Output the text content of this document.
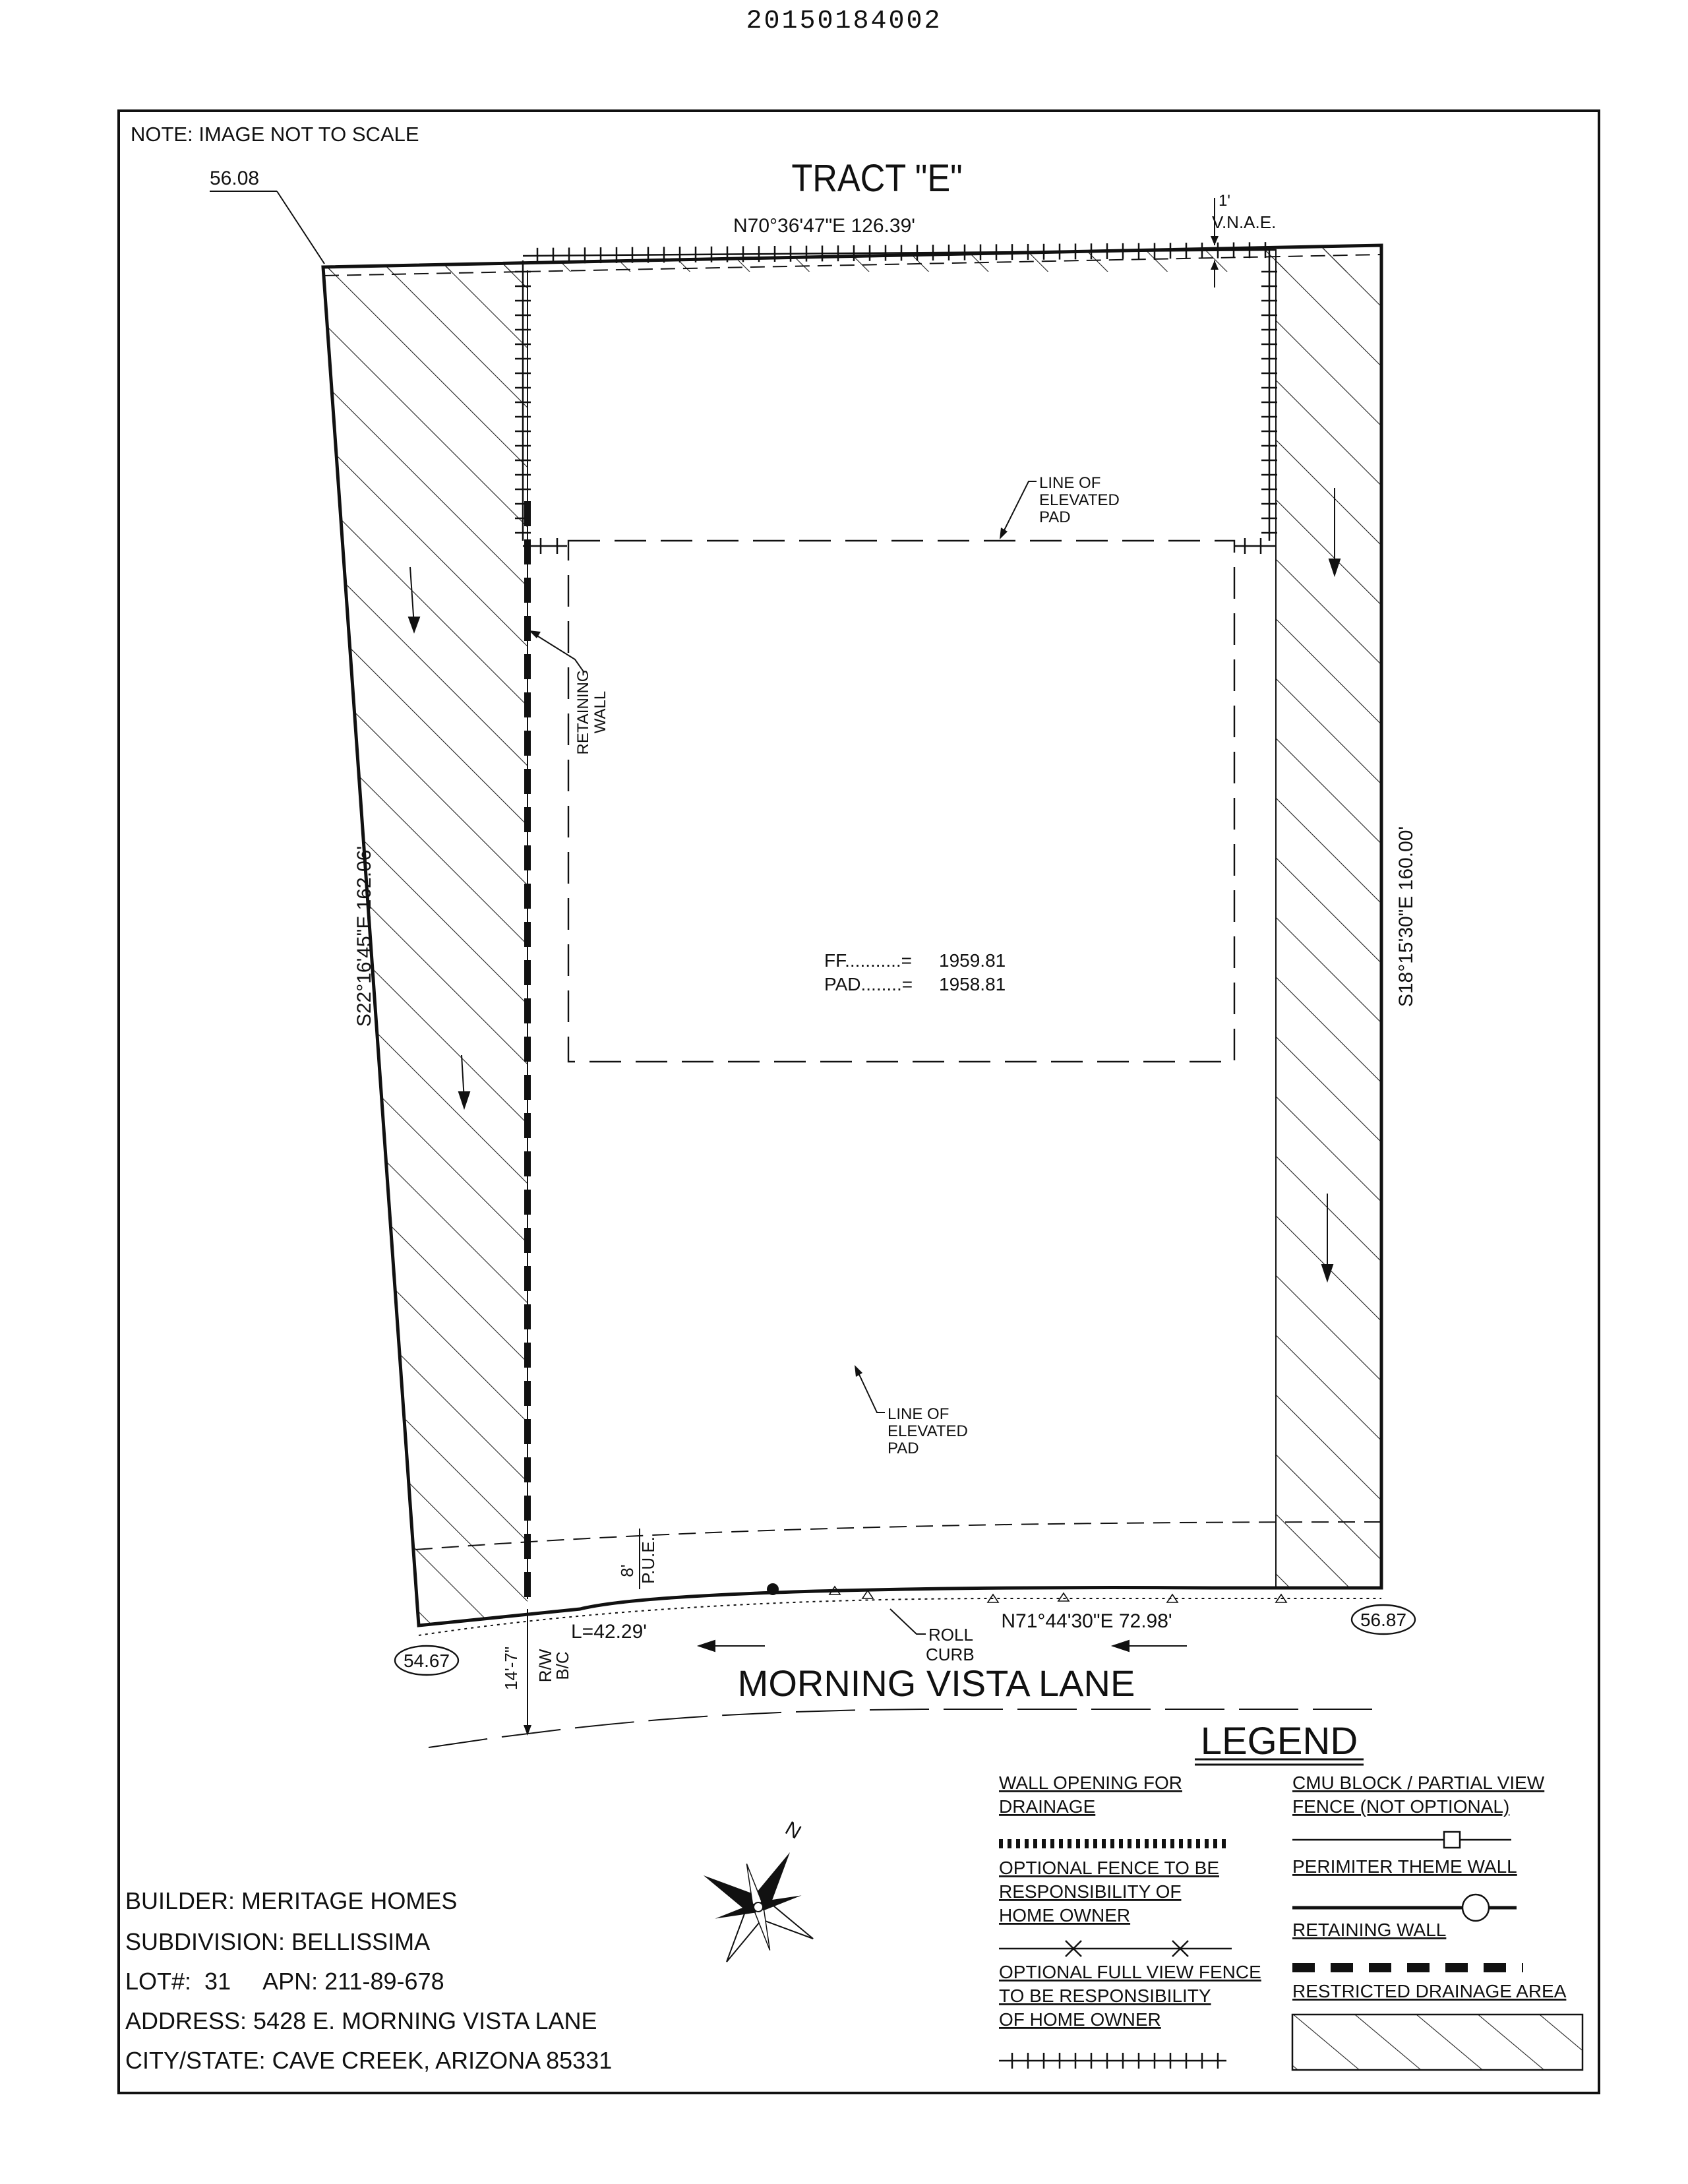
20150184002
NOTE: IMAGE NOT TO SCALE
TRACT "E"
56.08
54.67
56.87
N70°36'47"E 126.39'
S22°16'45"E 162.06'	S18°15'30"E 160.00'
N71°44'30"E 72.98'
1'
V.N.A.E.
LINE OF
ELEVATED
PAD
LINE OF
ELEVATED
PAD
RETAINING WALL
FF...........= 1959.81
PAD........= 1958.81
8' P.U.E.
ROLL
CURB
L=42.29'
R/W
B/C
14'-7"	MORNING VISTA LANE
N
LEGEND
WALL OPENING FOR
DRAINAGE
OPTIONAL FENCE TO BE
RESPONSIBILITY OF
HOME OWNER
OPTIONAL FULL VIEW FENCE
TO BE RESPONSIBILITY
OF HOME OWNER
CMU BLOCK / PARTIAL VIEW
FENCE (NOT OPTIONAL)
PERIMITER THEME WALL
RETAINING WALL
RESTRICTED DRAINAGE AREA
BUILDER: MERITAGE HOMES
SUBDIVISION: BELLISSIMA
LOT#:  31     APN: 211-89-678
ADDRESS: 5428 E. MORNING VISTA LANE
CITY/STATE: CAVE CREEK, ARIZONA 85331
